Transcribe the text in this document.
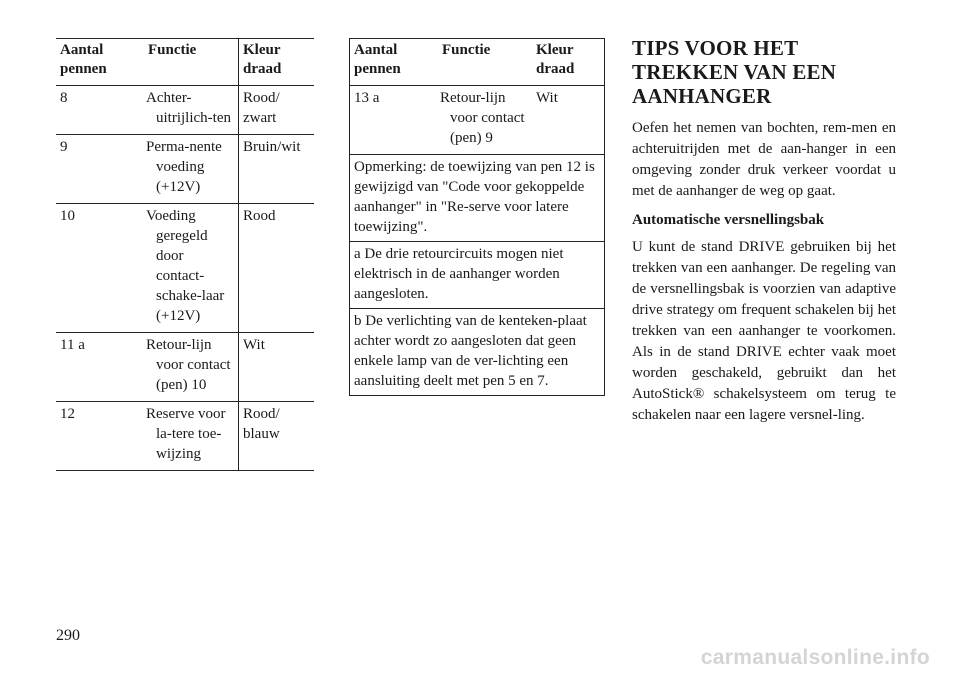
Aantal pennen	Functie	Kleur draad
8	Achter-uitrijlich-ten	Rood/ zwart
9	Perma-nente voeding (+12V)	Bruin/wit
10	Voeding geregeld door contact-schake-laar (+12V)	Rood
11 a	Retour-lijn voor contact (pen) 10	Wit
12	Reserve voor la-tere toe-wijzing	Rood/ blauw
Aantal pennen	Functie	Kleur draad
13 a	Retour-lijn voor contact (pen) 9	Wit
Opmerking: de toewijzing van pen 12 is gewijzigd van "Code voor gekoppelde aanhanger" in "Re-serve voor latere toewijzing".		
a De drie retourcircuits mogen niet elektrisch in de aanhanger worden aangesloten.		
b De verlichting van de kenteken-plaat achter wordt zo aangesloten dat geen enkele lamp van de ver-lichting een aansluiting deelt met pen 5 en 7.		
TIPS VOOR HET TREKKEN VAN EEN AANHANGER

Oefen het nemen van bochten, rem-men en achteruitrijden met de aan-hanger in een omgeving zonder druk verkeer voordat u met de aanhanger de weg op gaat.

Automatische versnellingsbak

U kunt de stand DRIVE gebruiken bij het trekken van een aanhanger. De regeling van de versnellingsbak is voorzien van adaptive drive strategy om frequent schakelen bij het trekken van een aanhanger te voorkomen. Als in de stand DRIVE echter vaak moet worden geschakeld, gebruikt dan het AutoStick® schakelsysteem om terug te schakelen naar een lagere versnel-ling.

290
carmanualsonline.info
